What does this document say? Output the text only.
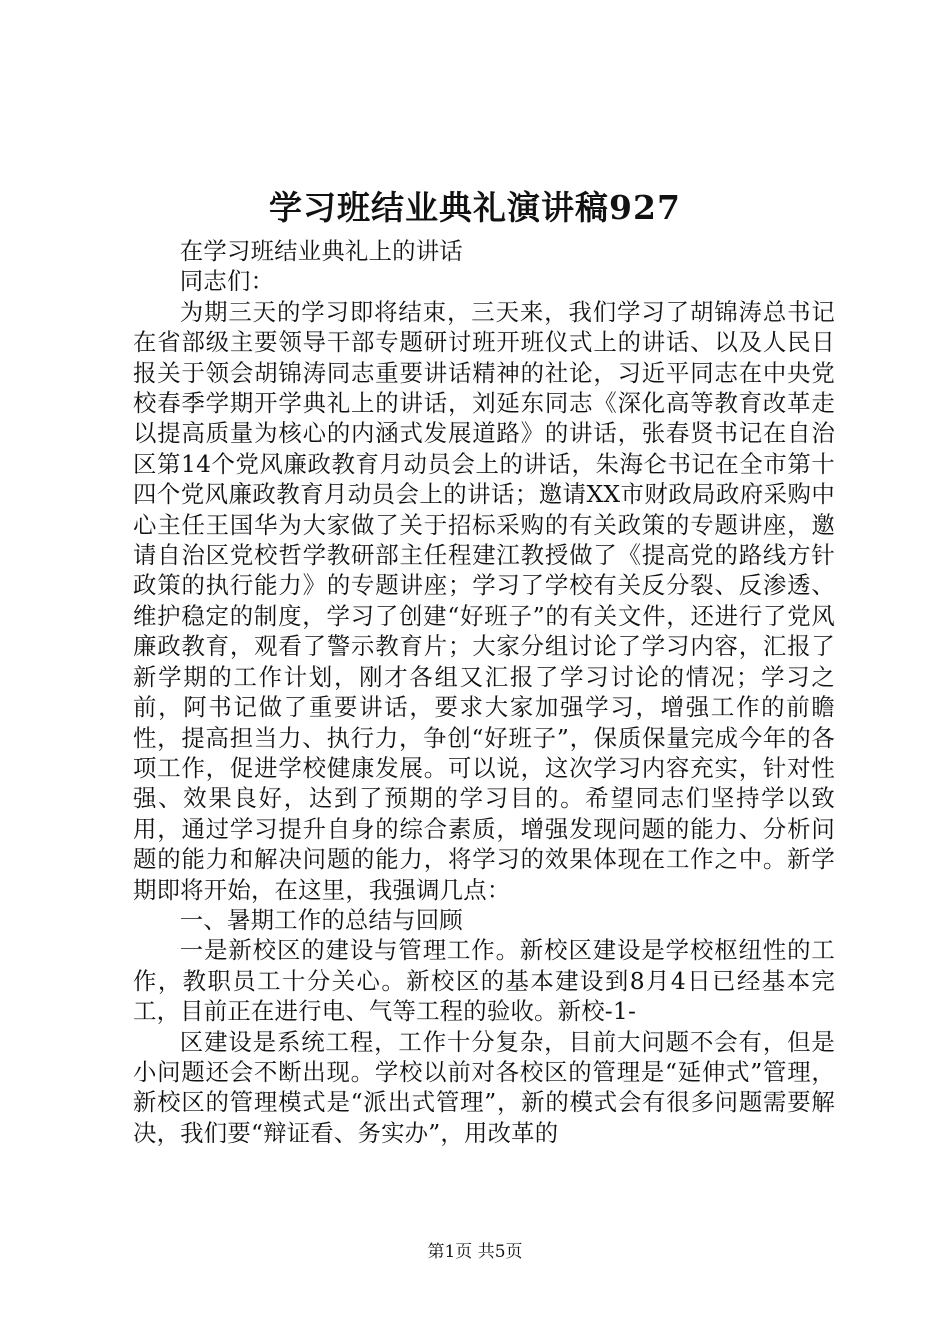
学习班结业典礼演讲稿927

在学习班结业典礼上的讲话

同志们：

为期三天的学习即将结束，三天来，我们学习了胡锦涛总书记在省部级主要领导干部专题研讨班开班仪式上的讲话、以及人民日报关于领会胡锦涛同志重要讲话精神的社论，习近平同志在中央党校春季学期开学典礼上的讲话，刘延东同志《深化高等教育改革走以提高质量为核心的内涵式发展道路》的讲话，张春贤书记在自治区第14个党风廉政教育月动员会上的讲话，朱海仑书记在全市第十四个党风廉政教育月动员会上的讲话；邀请XX市财政局政府采购中心主任王国华为大家做了关于招标采购的有关政策的专题讲座，邀请自治区党校哲学教研部主任程建江教授做了《提高党的路线方针政策的执行能力》的专题讲座；学习了学校有关反分裂、反渗透、维护稳定的制度，学习了创建“好班子”的有关文件，还进行了党风廉政教育，观看了警示教育片；大家分组讨论了学习内容，汇报了新学期的工作计划，刚才各组又汇报了学习讨论的情况；学习之前，阿书记做了重要讲话，要求大家加强学习，增强工作的前瞻性，提高担当力、执行力，争创“好班子”，保质保量完成今年的各项工作，促进学校健康发展。可以说，这次学习内容充实，针对性强、效果良好，达到了预期的学习目的。希望同志们坚持学以致用，通过学习提升自身的综合素质，增强发现问题的能力、分析问题的能力和解决问题的能力，将学习的效果体现在工作之中。新学期即将开始，在这里，我强调几点：

一、暑期工作的总结与回顾

一是新校区的建设与管理工作。新校区建设是学校枢纽性的工作，教职员工十分关心。新校区的基本建设到8月4日已经基本完工，目前正在进行电、气等工程的验收。新校-1-

区建设是系统工程，工作十分复杂，目前大问题不会有，但是小问题还会不断出现。学校以前对各校区的管理是“延伸式”管理，新校区的管理模式是“派出式管理”，新的模式会有很多问题需要解决，我们要“辩证看、务实办”，用改革的

第1页 共5页
